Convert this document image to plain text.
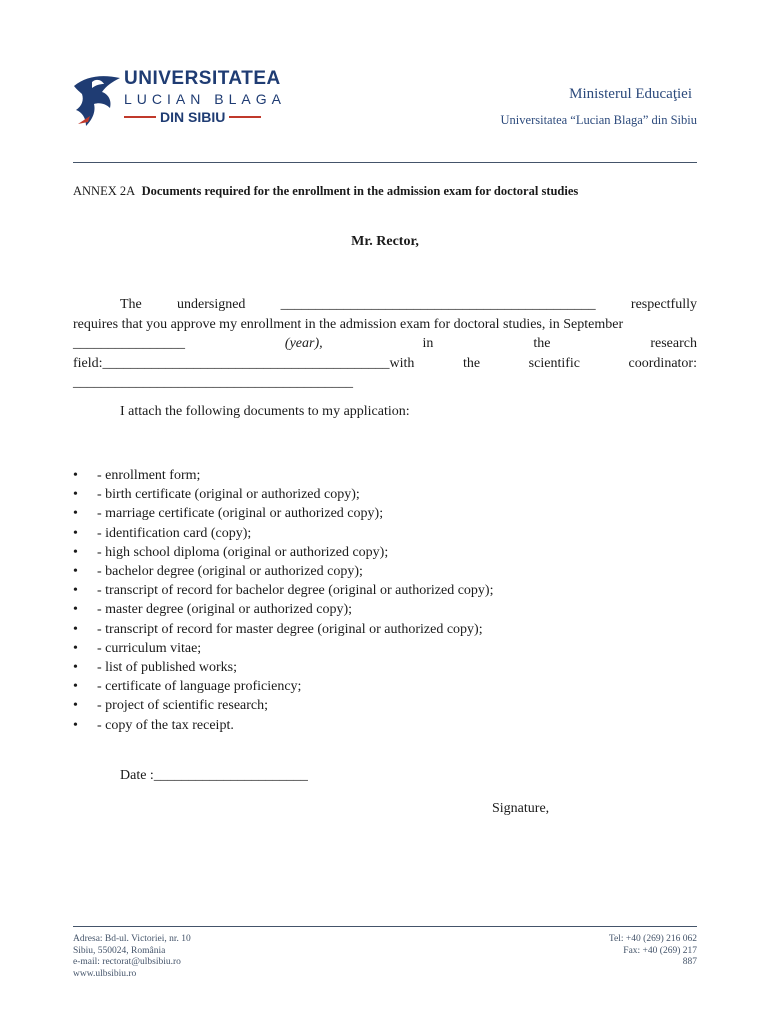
UNIVERSITATEA
LUCIAN BLAGA
DIN SIBIU
Ministerul Educaţiei
Universitatea “Lucian Blaga” din Sibiu
ANNEX 2A Documents required for the enrollment in the admission exam for doctoral studies
Mr. Rector,
The	undersigned	_____________________________________________	respectfully
requires that you approve my enrollment in the admission exam for doctoral studies, in September
________________	(year),	in	the	research
field:_________________________________________with	the	scientific	coordinator:
________________________________________
I attach the following documents to my application:
• - enrollment form;
• - birth certificate (original or authorized copy);
• - marriage certificate (original or authorized copy);
• - identification card (copy);
• - high school diploma (original or authorized copy);
• - bachelor degree (original or authorized copy);
• - transcript of record for bachelor degree (original or authorized copy);
• - master degree (original or authorized copy);
• - transcript of record for master degree (original or authorized copy);
• - curriculum vitae;
• - list of published works;
• - certificate of language proficiency;
• - project of scientific research;
• - copy of the tax receipt.
Date :______________________
Signature,
Adresa: Bd-ul. Victoriei, nr. 10
Sibiu, 550024, România
e-mail: rectorat@ulbsibiu.ro
www.ulbsibiu.ro
Tel: +40 (269) 216 062
Fax: +40 (269) 217
887
